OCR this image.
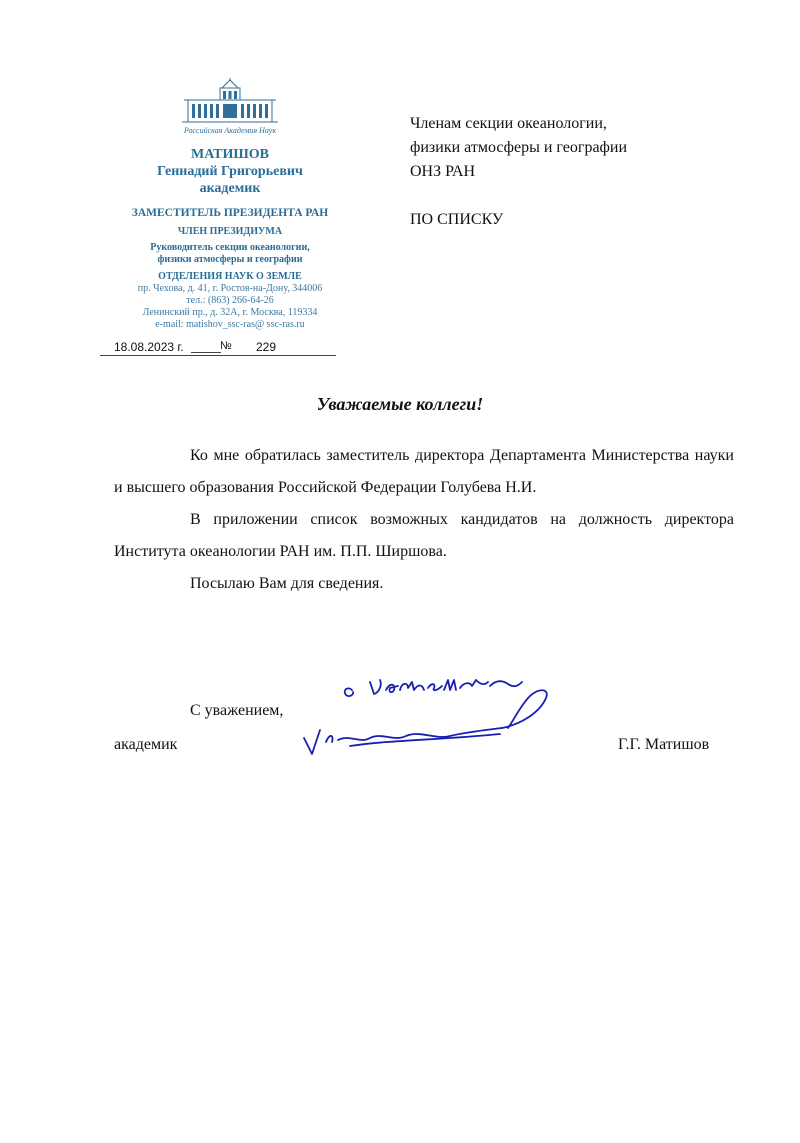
Российская Академия Наук
МАТИШОВ
Геннадий Григорьевич
академик
ЗАМЕСТИТЕЛЬ ПРЕЗИДЕНТА РАН
ЧЛЕН ПРЕЗИДИУМА
Руководитель секции океанологии,
физики атмосферы и географии
ОТДЕЛЕНИЯ НАУК О ЗЕМЛЕ
пр. Чехова, д. 41, г. Ростов-на-Дону, 344006
тел.: (863) 266-64-26
Ленинский пр., д. 32А, г. Москва, 119334
e-mail: matishov_ssc-ras@ ssc-ras.ru
18.08.2023 г.	№ 229
Членам секции океанологии,
физики атмосферы и географии
ОНЗ РАН
ПО СПИСКУ
Уважаемые коллеги!

Ко мне обратилась заместитель директора Департамента Министерства науки и высшего образования Российской Федерации Голубева Н.И.

В приложении список возможных кандидатов на должность директора Института океанологии РАН им. П.П. Ширшова.

Посылаю Вам для сведения.

С уважением,
академик	Г.Г. Матишов
